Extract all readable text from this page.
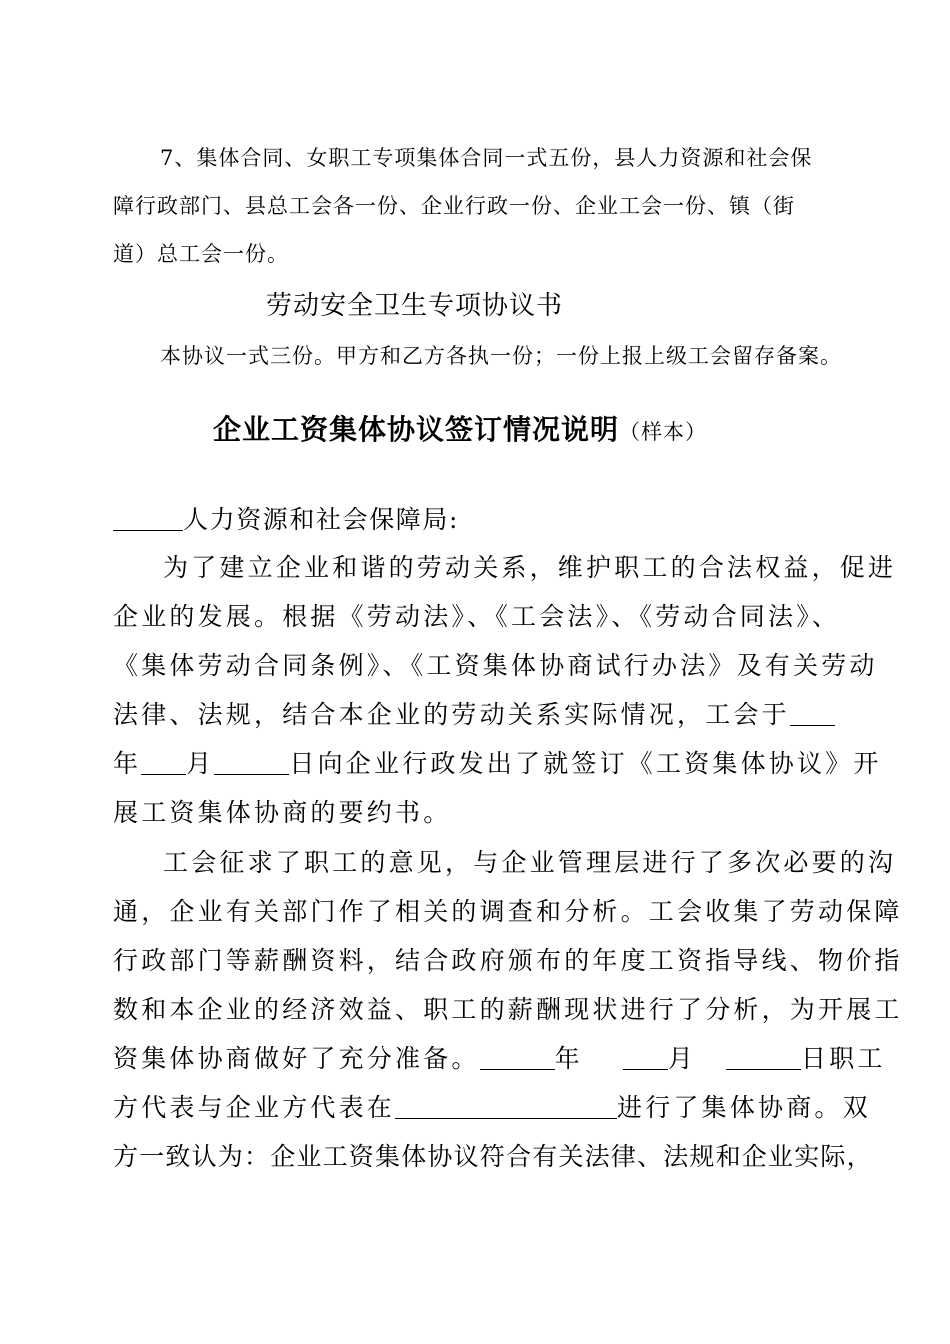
7、集体合同、女职工专项集体合同一式五份，县人力资源和社会保

障行政部门、县总工会各一份、企业行政一份、企业工会一份、镇（街

道）总工会一份。

劳动安全卫生专项协议书

本协议一式三份。甲方和乙方各执一份；一份上报上级工会留存备案。

企业工资集体协议签订情况说明（样本）

人力资源和社会保障局:

为了建立企业和谐的劳动关系，维护职工的合法权益，促进

企业的发展。根据《劳动法》、《工会法》、《劳动合同法》、

《集体劳动合同条例》、《工资集体协商试行办法》及有关劳动

法律、法规，结合本企业的劳动关系实际情况，工会于

年 月	日向企业行政发出了就签订《工资集体协议》开

展工资集体协商的要约书。

工会征求了职工的意见，与企业管理层进行了多次必要的沟

通，企业有关部门作了相关的调查和分析。工会收集了劳动保障

行政部门等薪酬资料，结合政府颁布的年度工资指导线、物价指

数和本企业的经济效益、职工的薪酬现状进行了分析，为开展工

资集体协商做好了充分准备。	年	月	日职工

方代表与企业方代表在	进行了集体协商。双

方一致认为：企业工资集体协议符合有关法律、法规和企业实际，
